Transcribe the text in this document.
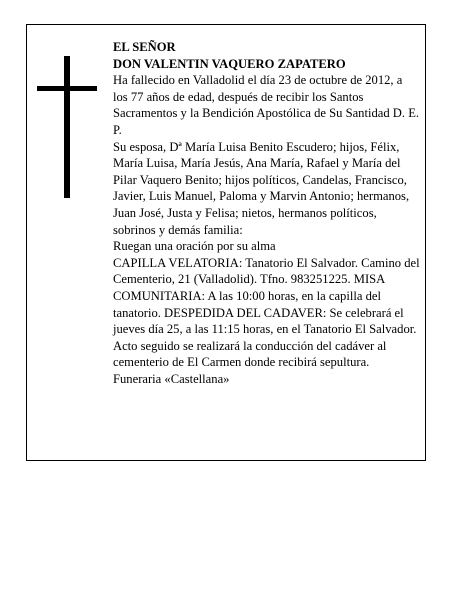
EL SEÑOR

DON VALENTIN VAQUERO ZAPATERO

Ha fallecido en Valladolid el día 23 de octubre de 2012, a los 77 años de edad, después de recibir los Santos Sacramentos y la Bendición Apostólica de Su Santidad D. E. P.

Su esposa, Dª María Luisa Benito Escudero; hijos, Félix, María Luisa, María Jesús, Ana María, Rafael y María del Pilar Vaquero Benito; hijos políticos, Candelas, Francisco, Javier, Luis Manuel, Paloma y Marvin Antonio; hermanos, Juan José, Justa y Felisa; nietos, hermanos políticos, sobrinos y demás familia:

Ruegan una oración por su alma

CAPILLA VELATORIA: Tanatorio El Salvador. Camino del Cementerio, 21 (Valladolid). Tfno. 983251225. MISA COMUNITARIA: A las 10:00 horas, en la capilla del tanatorio. DESPEDIDA DEL CADAVER: Se celebrará el jueves día 25, a las 11:15 horas, en el Tanatorio El Salvador. Acto seguido se realizará la conducción del cadáver al cementerio de El Carmen donde recibirá sepultura.

Funeraria «Castellana»
